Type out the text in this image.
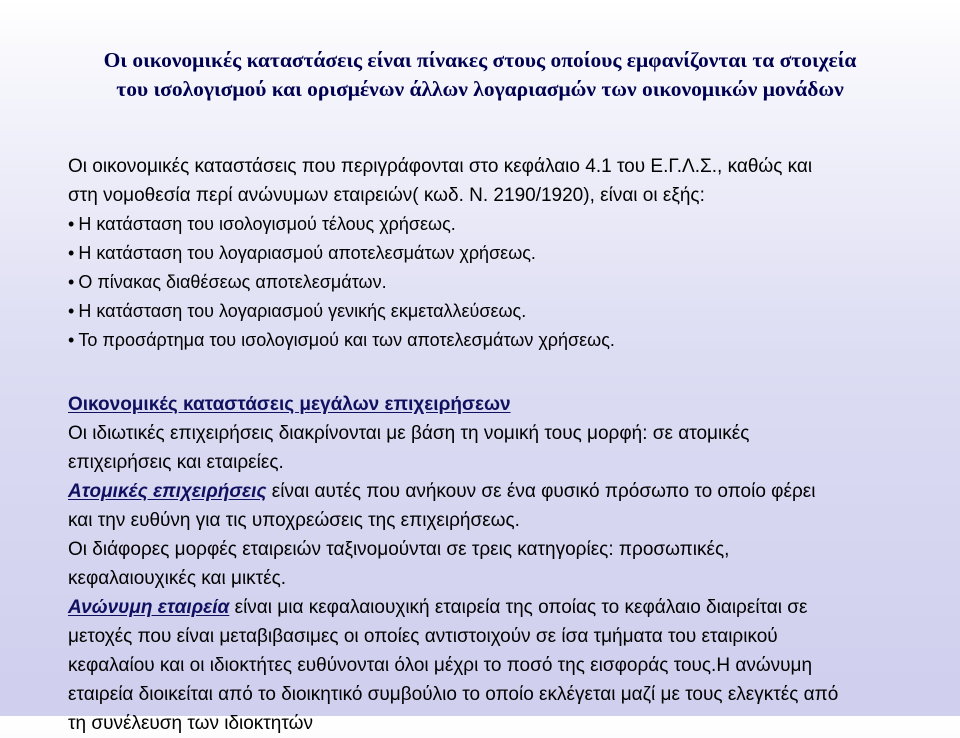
Οι οικονομικές καταστάσεις είναι πίνακες στους οποίους εμφανίζονται τα στοιχεία
του ισολογισμού και ορισμένων άλλων λογαριασμών των οικονομικών μονάδων
Οι οικονομικές καταστάσεις που περιγράφονται στο κεφάλαιο 4.1 του Ε.Γ.Λ.Σ., καθώς και
στη νομοθεσία περί ανώνυμων εταιρειών( κωδ. Ν. 2190/1920), είναι οι εξής:
• Η κατάσταση του ισολογισμού τέλους χρήσεως.
• Η κατάσταση του λογαριασμού αποτελεσμάτων χρήσεως.
• Ο πίνακας διαθέσεως αποτελεσμάτων.
• Η κατάσταση του λογαριασμού γενικής εκμεταλλεύσεως.
• Το προσάρτημα του ισολογισμού και των αποτελεσμάτων χρήσεως.
Οικονομικές καταστάσεις μεγάλων επιχειρήσεων
Οι ιδιωτικές επιχειρήσεις διακρίνονται με βάση τη νομική τους μορφή: σε ατομικές
επιχειρήσεις και εταιρείες.
Ατομικές επιχειρήσεις είναι αυτές που ανήκουν σε ένα φυσικό πρόσωπο το οποίο φέρει
και την ευθύνη για τις υποχρεώσεις της επιχειρήσεως.
Οι διάφορες μορφές εταιρειών ταξινομούνται σε τρεις κατηγορίες: προσωπικές,
κεφαλαιουχικές και μικτές.
Ανώνυμη εταιρεία είναι μια κεφαλαιουχική εταιρεία της οποίας το κεφάλαιο διαιρείται σε
μετοχές που είναι μεταβιβασιμες οι οποίες αντιστοιχούν σε ίσα τμήματα του εταιρικού
κεφαλαίου και οι ιδιοκτήτες ευθύνονται όλοι μέχρι το ποσό της εισφοράς τους.Η ανώνυμη
εταιρεία διοικείται από το διοικητικό συμβούλιο το οποίο εκλέγεται μαζί με τους ελεγκτές από
τη συνέλευση των ιδιοκτητών
